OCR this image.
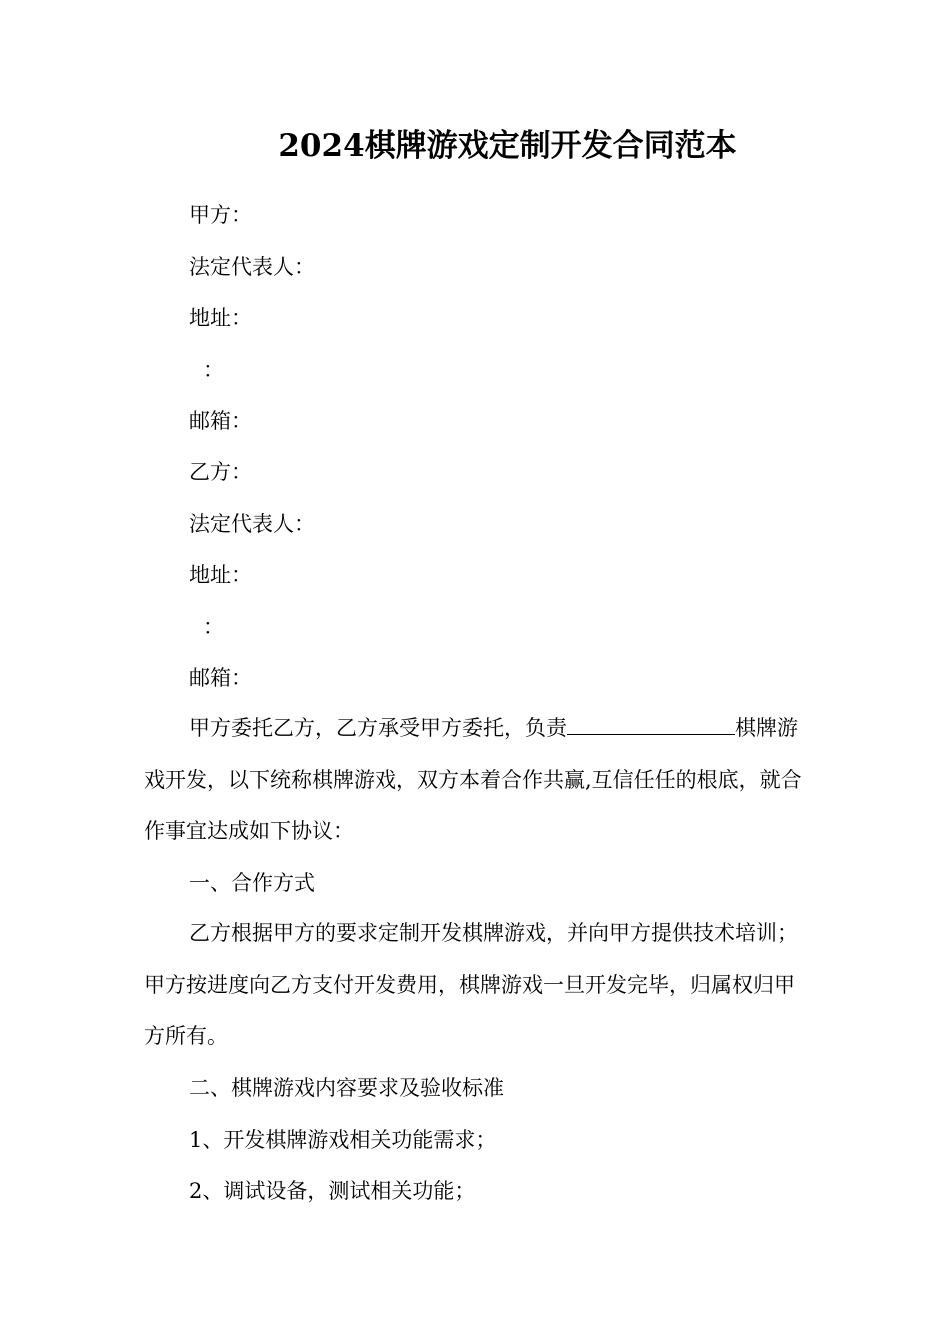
2024棋牌游戏定制开发合同范本

甲方：

法定代表人：

地址：

：

邮箱：

乙方：

法定代表人：

地址：

：

邮箱：

甲方委托乙方，乙方承受甲方委托，负责	棋牌游戏开发，以下统称棋牌游戏，双方本着合作共赢,互信任任的根底，就合作事宜达成如下协议：

一、合作方式

乙方根据甲方的要求定制开发棋牌游戏，并向甲方提供技术培训；甲方按进度向乙方支付开发费用，棋牌游戏一旦开发完毕，归属权归甲方所有。

二、棋牌游戏内容要求及验收标准

1、开发棋牌游戏相关功能需求；

2、调试设备，测试相关功能；
